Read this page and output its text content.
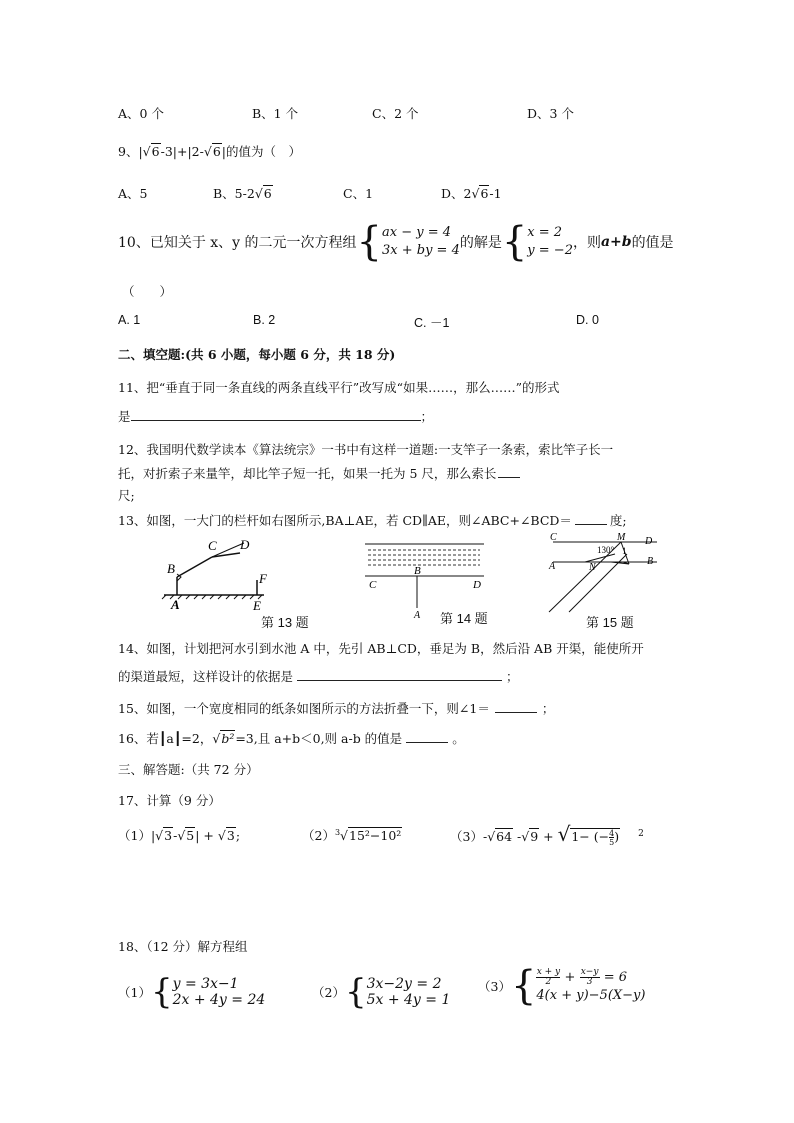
A、0 个	B、1 个	C、2 个	D、3 个
9、|√6-3|+|2-√6|的值为（　）
A、5	B、5-2√6	C、1	D、2√6-1
10、已知关于 x、y 的二元一次方程组{ax − y = 4
3x + by = 4的解是{x = 2
y = −2，则a+b的值是
（　　）
A. 1	B. 2	C. －1	D. 0
二、填空题:(共 6 小题，每小题 6 分，共 18 分)
11、把“垂直于同一条直线的两条直线平行”改写成“如果……，那么……”的形式
是	；
12、我国明代数学读本《算法统宗》一书中有这样一道题:一支竿子一条索，索比竿子长一
托，对折索子来量竿，却比竿子短一托，如果一托为 5 尺，那么索长
尺;
13、如图，一大门的栏杆如右图所示,BA⊥AE，若 CD∥AE，则∠ABC+∠BCD＝	度;
C D
B
F
A	E
第 13 题
B
C	D
A 第 14 题
C	M D
130° 1
A	N
B
第 15 题
14、如图，计划把河水引到水池 A 中，先引 AB⊥CD，垂足为 B，然后沿 AB 开渠，能使所开
的渠道最短，这样设计的依据是	；
15、如图，一个宽度相同的纸条如图所示的方法折叠一下，则∠1＝	；
16、若┃a┃=2，√b²=3,且 a+b＜0,则 a-b 的值是	。
三、解答题:（共 72 分）
17、计算（9 分）
（1）|√3-√5| + √3;	$(2)^3√15^2-10^2$	（3）-√64 $-√9 + √1- (-\frac{4}{5})$ $^2$
18、（12 分）解方程组
（1）{y = 3x−1
2x + 4y = 24	（2）{3x−2y = 2
5x + 4y = 1
$(3)\{\frac{x + y}{2} + \frac{x-y}{3} = 6$
4(x + y)−5(X−y)
